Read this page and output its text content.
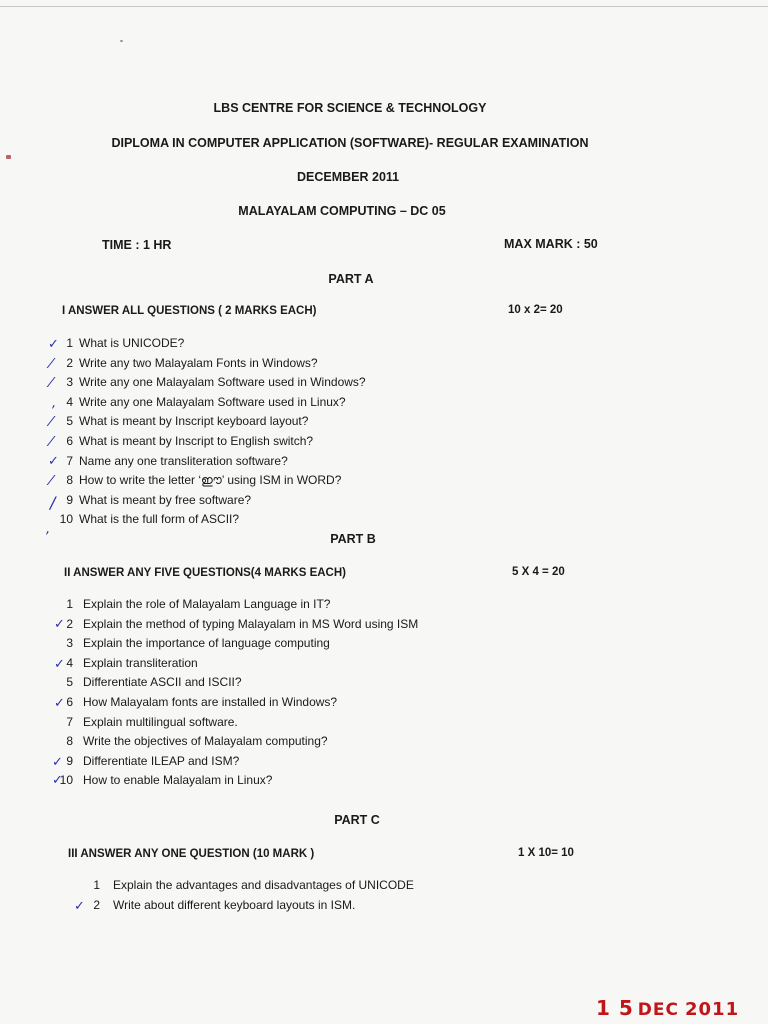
LBS CENTRE FOR SCIENCE & TECHNOLOGY
DIPLOMA IN COMPUTER APPLICATION (SOFTWARE)- REGULAR EXAMINATION
DECEMBER 2011
MALAYALAM COMPUTING – DC 05
TIME : 1 HR	MAX MARK : 50
PART A
I ANSWER ALL QUESTIONS ( 2 MARKS EACH)	10 x 2= 20
1 What is UNICODE?
2 Write any two Malayalam Fonts in Windows?
3 Write any one Malayalam Software used in Windows?
4 Write any one Malayalam Software used in Linux?
5 What is meant by Inscript keyboard layout?
6 What is meant by Inscript to English switch?
7 Name any one transliteration software?
8 How to write the letter ‘ഈ’ using ISM in WORD?
9 What is meant by free software?
10 What is the full form of ASCII?
PART B
II ANSWER ANY FIVE QUESTIONS(4 MARKS EACH)	5 X 4 = 20
1 Explain the role of Malayalam Language in IT?
2 Explain the method of typing Malayalam in MS Word using ISM
3 Explain the importance of language computing
4 Explain transliteration
5 Differentiate ASCII and ISCII?
6 How Malayalam fonts are installed in Windows?
7 Explain multilingual software.
8 Write the objectives of Malayalam computing?
9 Differentiate ILEAP and ISM?
10 How to enable Malayalam in Linux?
PART C
III ANSWER ANY ONE QUESTION (10 MARK )	1 X 10= 10
1 Explain the advantages and disadvantages of UNICODE
2 Write about different keyboard layouts in ISM.
✓
⁄
⁄
,
⁄
⁄
✓
⁄
/
,
✓
✓
✓
✓
✓
✓
1 5 DEC 2011
